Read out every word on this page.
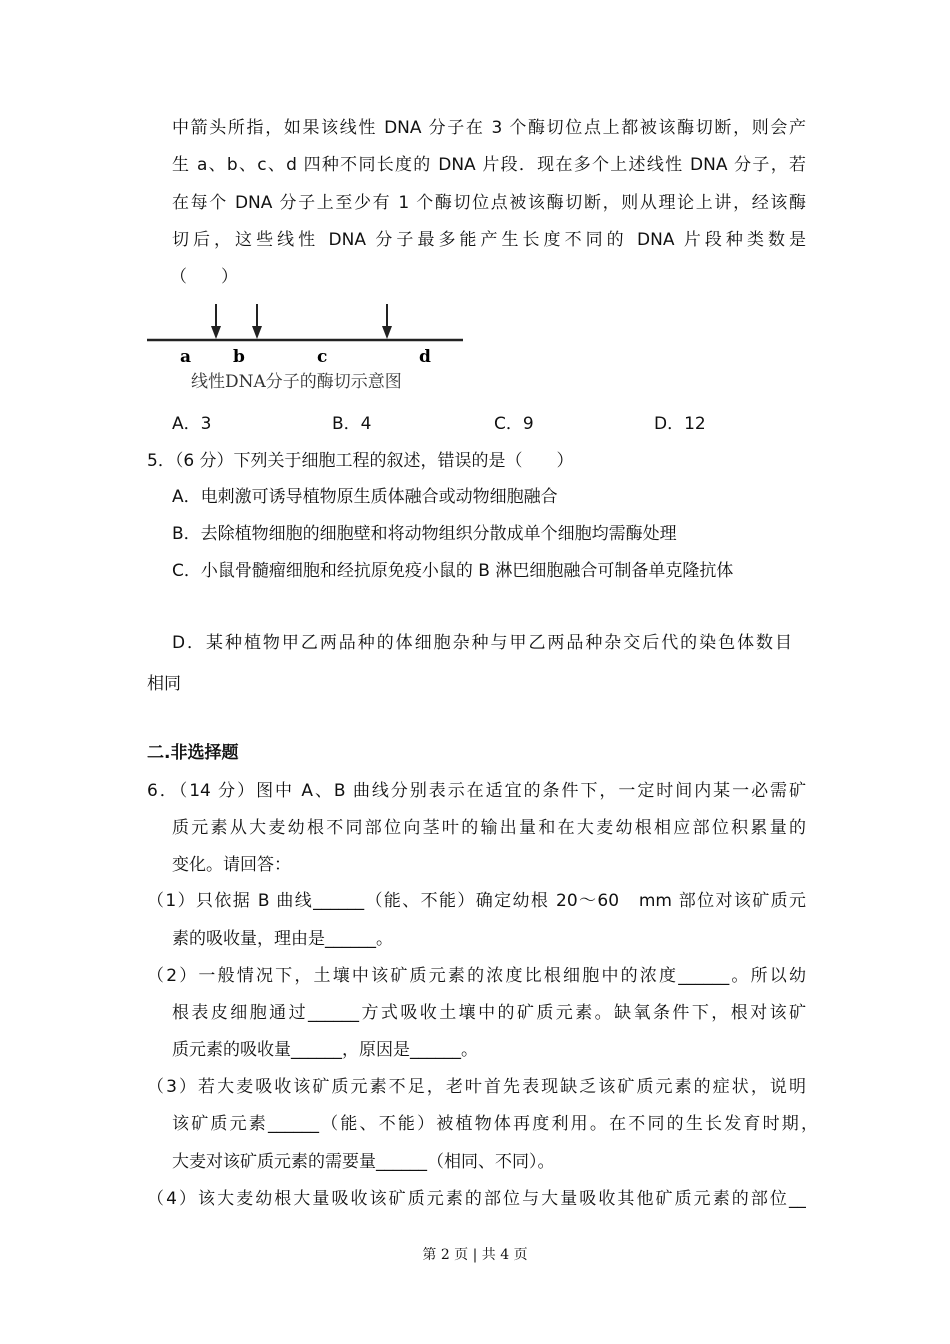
中箭头所指，如果该线性 DNA 分子在 3 个酶切位点上都被该酶切断，则会产
生 a、b、c、d 四种不同长度的 DNA 片段．现在多个上述线性 DNA 分子，若
在每个 DNA 分子上至少有 1 个酶切位点被该酶切断，则从理论上讲，经该酶
切后，这些线性 DNA 分子最多能产生长度不同的 DNA 片段种类数是
（　　）
a b	c	d
线性DNA分子的酶切示意图
A．3	B．4	C．9	D．12
5．（6 分）下列关于细胞工程的叙述，错误的是（　　）
A．电刺激可诱导植物原生质体融合或动物细胞融合
B．去除植物细胞的细胞壁和将动物组织分散成单个细胞均需酶处理
C．小鼠骨髓瘤细胞和经抗原免疫小鼠的 B 淋巴细胞融合可制备单克隆抗体
D．某种植物甲乙两品种的体细胞杂种与甲乙两品种杂交后代的染色体数目
相同
二.非选择题
6．（14 分）图中 A、B 曲线分别表示在适宜的条件下，一定时间内某一必需矿
质元素从大麦幼根不同部位向茎叶的输出量和在大麦幼根相应部位积累量的
变化。请回答：
（1）只依据 B 曲线______（能、不能）确定幼根 20～60　mm 部位对该矿质元
素的吸收量，理由是______。
（2）一般情况下，土壤中该矿质元素的浓度比根细胞中的浓度______。所以幼
根表皮细胞通过______方式吸收土壤中的矿质元素。缺氧条件下，根对该矿
质元素的吸收量______，原因是______。
（3）若大麦吸收该矿质元素不足，老叶首先表现缺乏该矿质元素的症状，说明
该矿质元素______（能、不能）被植物体再度利用。在不同的生长发育时期，
大麦对该矿质元素的需要量______（相同、不同）。
（4）该大麦幼根大量吸收该矿质元素的部位与大量吸收其他矿质元素的部位__
第 2 页 | 共 4 页
